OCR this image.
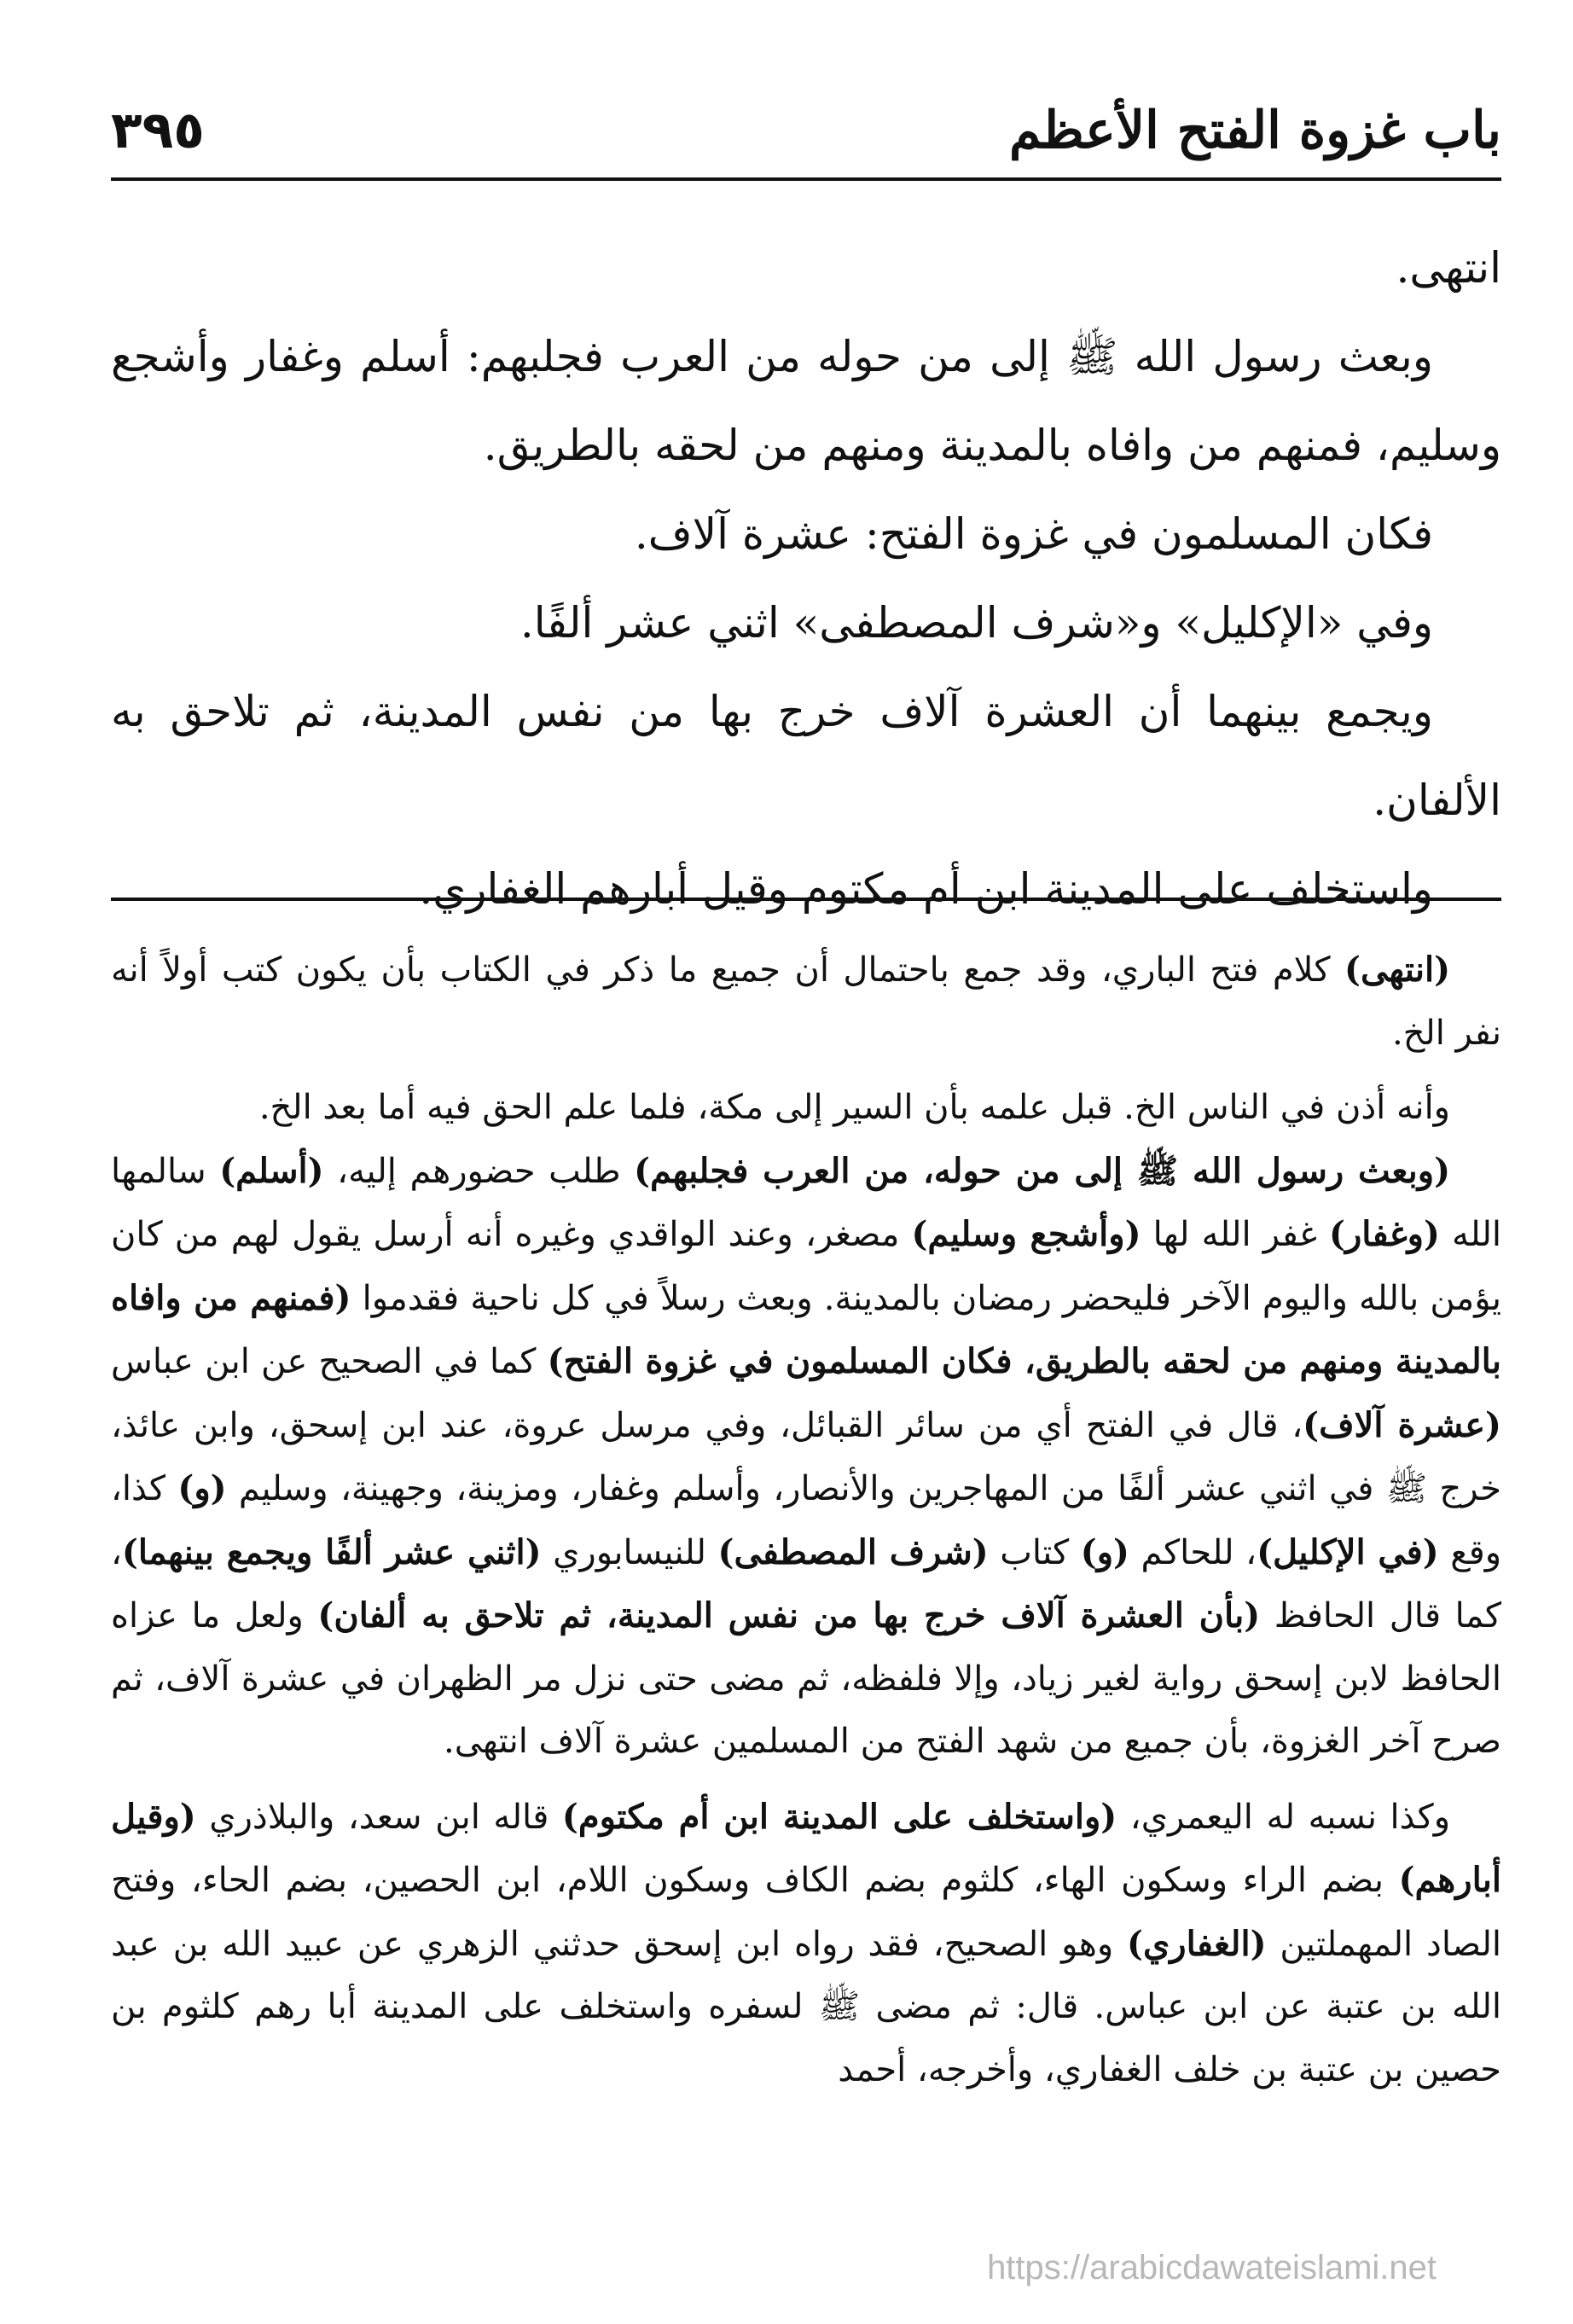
٣٩٥	باب غزوة الفتح الأعظم

انتهى.

وبعث رسول الله ﷺ إلى من حوله من العرب فجلبهم: أسلم وغفار وأشجع وسليم، فمنهم من وافاه بالمدينة ومنهم من لحقه بالطريق.

فكان المسلمون في غزوة الفتح: عشرة آلاف.

وفي «الإكليل» و«شرف المصطفى» اثني عشر ألفًا.

ويجمع بينهما أن العشرة آلاف خرج بها من نفس المدينة، ثم تلاحق به الألفان.

واستخلف على المدينة ابن أم مكتوم وقيل أبارهم الغفاري.

(انتهى) كلام فتح الباري، وقد جمع باحتمال أن جميع ما ذكر في الكتاب بأن يكون كتب أولاً أنه نفر الخ.

وأنه أذن في الناس الخ. قبل علمه بأن السير إلى مكة، فلما علم الحق فيه أما بعد الخ.

(وبعث رسول الله ﷺ إلى من حوله، من العرب فجلبهم) طلب حضورهم إليه، (أسلم) سالمها الله (وغفار) غفر الله لها (وأشجع وسليم) مصغر، وعند الواقدي وغيره أنه أرسل يقول لهم من كان يؤمن بالله واليوم الآخر فليحضر رمضان بالمدينة. وبعث رسلاً في كل ناحية فقدموا (فمنهم من وافاه بالمدينة ومنهم من لحقه بالطريق، فكان المسلمون في غزوة الفتح) كما في الصحيح عن ابن عباس (عشرة آلاف)، قال في الفتح أي من سائر القبائل، وفي مرسل عروة، عند ابن إسحق، وابن عائذ، خرج ﷺ في اثني عشر ألفًا من المهاجرين والأنصار، وأسلم وغفار، ومزينة، وجهينة، وسليم (و) كذا، وقع (في الإكليل)، للحاكم (و) كتاب (شرف المصطفى) للنيسابوري (اثني عشر ألفًا ويجمع بينهما)، كما قال الحافظ (بأن العشرة آلاف خرج بها من نفس المدينة، ثم تلاحق به ألفان) ولعل ما عزاه الحافظ لابن إسحق رواية لغير زياد، وإلا فلفظه، ثم مضى حتى نزل مر الظهران في عشرة آلاف، ثم صرح آخر الغزوة، بأن جميع من شهد الفتح من المسلمين عشرة آلاف انتهى.

وكذا نسبه له اليعمري، (واستخلف على المدينة ابن أم مكتوم) قاله ابن سعد، والبلاذري (وقيل أبارهم) بضم الراء وسكون الهاء، كلثوم بضم الكاف وسكون اللام، ابن الحصين، بضم الحاء، وفتح الصاد المهملتين (الغفاري) وهو الصحيح، فقد رواه ابن إسحق حدثني الزهري عن عبيد الله بن عبد الله بن عتبة عن ابن عباس. قال: ثم مضى ﷺ لسفره واستخلف على المدينة أبا رهم كلثوم بن حصين بن عتبة بن خلف الغفاري، وأخرجه، أحمد

https://arabicdawateislami.net
